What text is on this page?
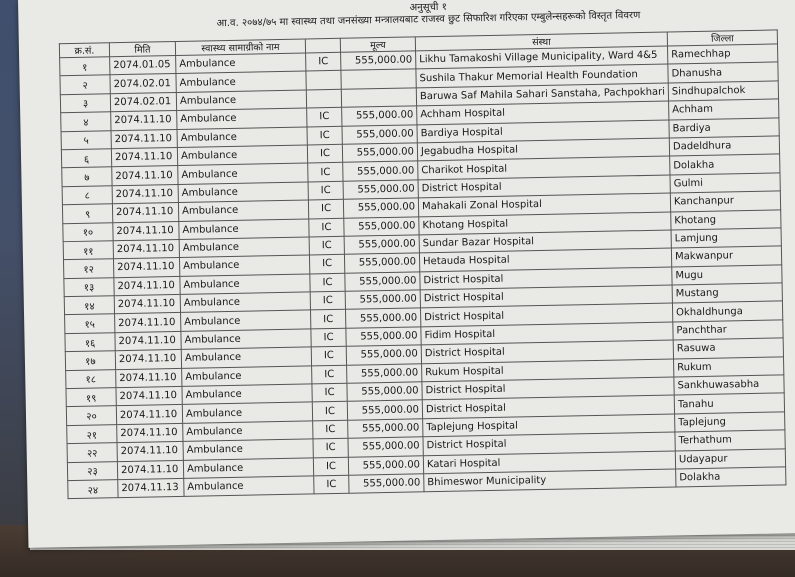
अनुसूची १
आ.व. २०७४/७५ मा स्वास्थ्य तथा जनसंख्या मन्त्रालयबाट राजस्व छुट सिफारिश गरिएका एम्बुलेन्सहरूको विस्तृत विवरण
क्र.सं.	मिति	स्वास्थ्य सामाग्रीको नाम		मूल्य	संस्था	जिल्ला
१	2074.01.05	Ambulance	IC	555,000.00	Likhu Tamakoshi Village Municipality, Ward 4&5	Ramechhap
२	2074.02.01	Ambulance			Sushila Thakur Memorial Health Foundation	Dhanusha
३	2074.02.01	Ambulance			Baruwa Saf Mahila Sahari Sanstaha, Pachpokhari	Sindhupalchok
४	2074.11.10	Ambulance	IC	555,000.00	Achham Hospital	Achham
५	2074.11.10	Ambulance	IC	555,000.00	Bardiya Hospital	Bardiya
६	2074.11.10	Ambulance	IC	555,000.00	Jegabudha Hospital	Dadeldhura
७	2074.11.10	Ambulance	IC	555,000.00	Charikot Hospital	Dolakha
८	2074.11.10	Ambulance	IC	555,000.00	District Hospital	Gulmi
९	2074.11.10	Ambulance	IC	555,000.00	Mahakali Zonal Hospital	Kanchanpur
१०	2074.11.10	Ambulance	IC	555,000.00	Khotang Hospital	Khotang
११	2074.11.10	Ambulance	IC	555,000.00	Sundar Bazar Hospital	Lamjung
१२	2074.11.10	Ambulance	IC	555,000.00	Hetauda Hospital	Makwanpur
१३	2074.11.10	Ambulance	IC	555,000.00	District Hospital	Mugu
१४	2074.11.10	Ambulance	IC	555,000.00	District Hospital	Mustang
१५	2074.11.10	Ambulance	IC	555,000.00	District Hospital	Okhaldhunga
१६	2074.11.10	Ambulance	IC	555,000.00	Fidim Hospital	Panchthar
१७	2074.11.10	Ambulance	IC	555,000.00	District Hospital	Rasuwa
१८	2074.11.10	Ambulance	IC	555,000.00	Rukum Hospital	Rukum
१९	2074.11.10	Ambulance	IC	555,000.00	District Hospital	Sankhuwasabha
२०	2074.11.10	Ambulance	IC	555,000.00	District Hospital	Tanahu
२१	2074.11.10	Ambulance	IC	555,000.00	Taplejung Hospital	Taplejung
२२	2074.11.10	Ambulance	IC	555,000.00	District Hospital	Terhathum
२३	2074.11.10	Ambulance	IC	555,000.00	Katari Hospital	Udayapur
२४	2074.11.13	Ambulance	IC	555,000.00	Bhimeswor Municipality	Dolakha
